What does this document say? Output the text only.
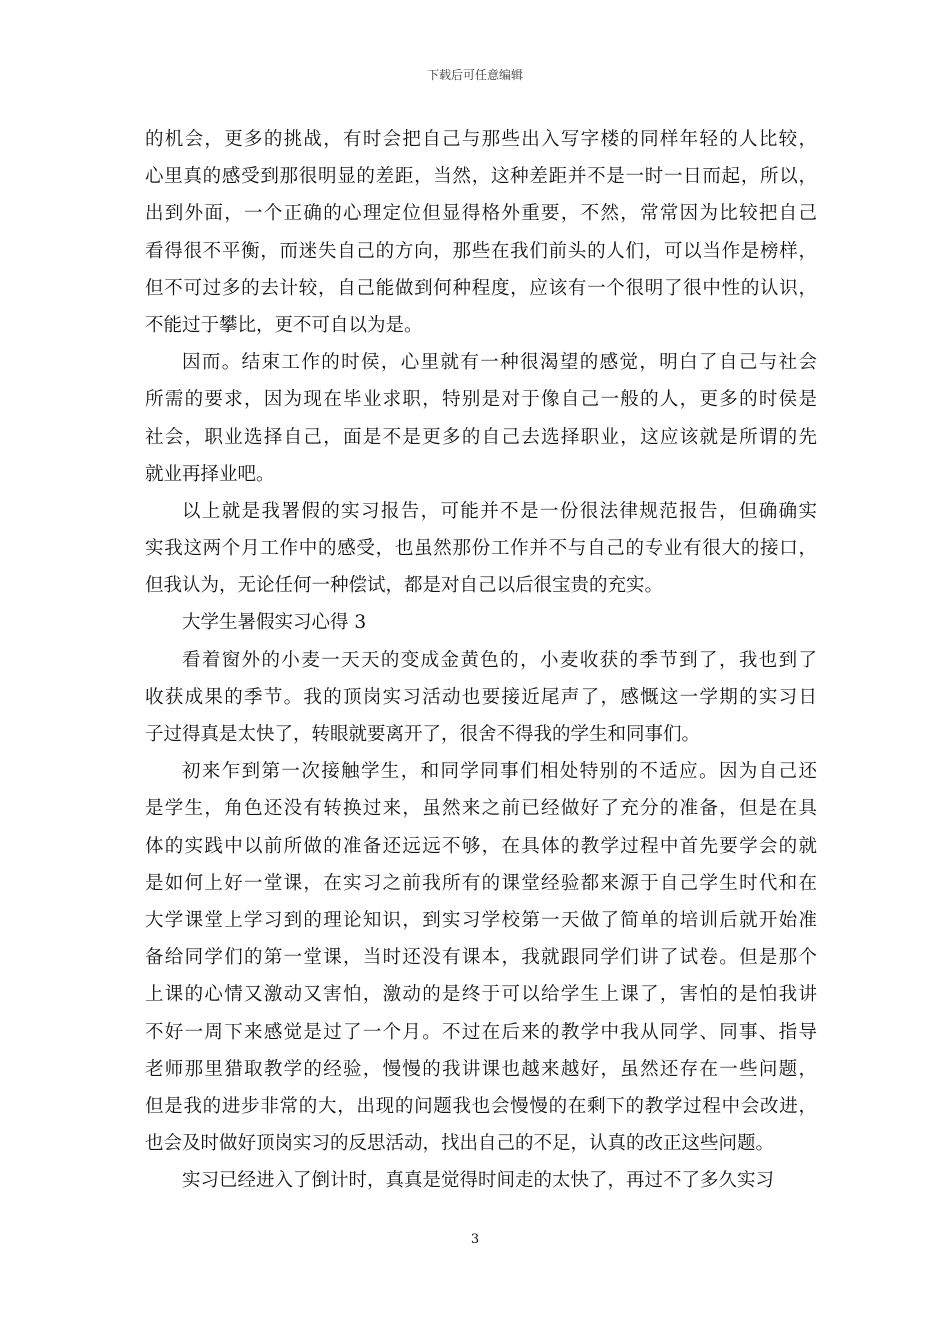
下载后可任意编辑
的机会，更多的挑战，有时会把自己与那些出入写字楼的同样年轻的人比较，
心里真的感受到那很明显的差距，当然，这种差距并不是一时一日而起，所以，
出到外面，一个正确的心理定位但显得格外重要，不然，常常因为比较把自己
看得很不平衡，而迷失自己的方向，那些在我们前头的人们，可以当作是榜样，
但不可过多的去计较，自己能做到何种程度，应该有一个很明了很中性的认识，
不能过于攀比，更不可自以为是。
因而。结束工作的时侯，心里就有一种很渴望的感觉，明白了自己与社会
所需的要求，因为现在毕业求职，特别是对于像自己一般的人，更多的时侯是
社会，职业选择自己，面是不是更多的自己去选择职业，这应该就是所谓的先
就业再择业吧。
以上就是我署假的实习报告，可能并不是一份很法律规范报告，但确确实
实我这两个月工作中的感受，也虽然那份工作并不与自己的专业有很大的接口，
但我认为，无论任何一种偿试，都是对自己以后很宝贵的充实。
大学生暑假实习心得 3
看着窗外的小麦一天天的变成金黄色的，小麦收获的季节到了，我也到了
收获成果的季节。我的顶岗实习活动也要接近尾声了，感慨这一学期的实习日
子过得真是太快了，转眼就要离开了，很舍不得我的学生和同事们。
初来乍到第一次接触学生，和同学同事们相处特别的不适应。因为自己还
是学生，角色还没有转换过来，虽然来之前已经做好了充分的准备，但是在具
体的实践中以前所做的准备还远远不够，在具体的教学过程中首先要学会的就
是如何上好一堂课，在实习之前我所有的课堂经验都来源于自己学生时代和在
大学课堂上学习到的理论知识，到实习学校第一天做了简单的培训后就开始准
备给同学们的第一堂课，当时还没有课本，我就跟同学们讲了试卷。但是那个
上课的心情又激动又害怕，激动的是终于可以给学生上课了，害怕的是怕我讲
不好一周下来感觉是过了一个月。不过在后来的教学中我从同学、同事、指导
老师那里猎取教学的经验，慢慢的我讲课也越来越好，虽然还存在一些问题，
但是我的进步非常的大，出现的问题我也会慢慢的在剩下的教学过程中会改进，
也会及时做好顶岗实习的反思活动，找出自己的不足，认真的改正这些问题。
实习已经进入了倒计时，真真是觉得时间走的太快了，再过不了多久实习
3
